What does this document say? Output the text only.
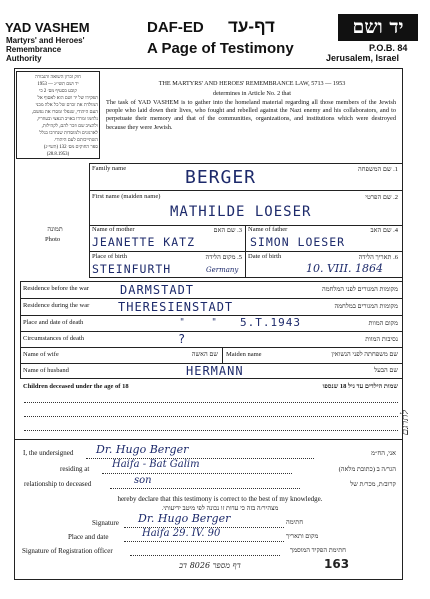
YAD VASHEM
Martyrs' and Heroes'
Remembrance
Authority
DAF-ED דף-עד
A Page of Testimony
יד ושם
P.O.B. 84
Jerusalem, Israel
חוק זכרון השואה והגבורה
יד ושם תשי״ג — 1953
קובע בסעיף מס׳ 2 כי
תפקידו של יד ושם הוא לאסוף אל
המולדת את זכרם של כל אלה מבני
העם היהודי, שנפלו ומסרו את נפשם,
נלחמו ומרדו באויב הנאצי ובעוזריו,
ולהציב שם וזכר להם, לקהילות,
לארגונים ולמוסדות שנחרבו בגלל
השתייכותם לעם היהודי.
ספר החוקים מס׳ 132 (תשי״ג)
(28.8.1953)
תמונה
Photo
THE MARTYRS' AND HEROES' REMEMBRANCE LAW, 5713 — 1953
determines in Article No. 2 that
The task of YAD VASHEM is to gather into the homeland material regarding all those members of the Jewish people who laid down their lives, who fought and rebelled against the Nazi enemy and his collaborators, and to perpetuate their memory and that of the communities, organizations, and institutions which were destroyed because they were Jewish.
Family name	1. שם המשפחה
BERGER
First name (maiden name)	2. שם הפרטי
MATHILDE LOESER
Name of mother	3. שם האם
JEANETTE KATZ
Name of father	4. שם האב
SIMON LOESER
Place of birth	5. מקום הלידה
STEINFURTH	Germany
Date of birth	6. תאריך הלידה
10. VIII. 1864
Residence before the war	DARMSTADT	מקומות המגורים לפני המלחמה
Residence during the war THERESIENSTADT	מקומות המגורים במלחמה
Place and date of death	"	" 5.T.1943	מקום המוות
Circumstances of death	?	נסיבות המוות
Name of wife	שם האשה Maiden name	שם משפחתה לפני הנשואין
Name of husband	HERMANN	שם הבעל
Children deceased under the age of 18	שמות הילדים עד גיל 18 שנספו
I, the undersigned Dr. Hugo Berger	אני, הח״מ
residing at Haifa - Bat Galim	הגר/ה ב (כתובת מלאה)
relationship to deceased	son	קרוב/ת, מכר/ת של
hereby declare that this testimony is correct to the best of my knowledge.
מצהיר/ה בזה כי עדות זו נכונה לפי מיטב ידיעותי.
Signature Dr. Hugo Berger	חתימה
Place and date	Haifa 29. IV. 90	מקום ותאריך
Signature of Registration officer	חתימת הפקיד המוסמך
דף מספר 8026 דב	163
לתרגם
